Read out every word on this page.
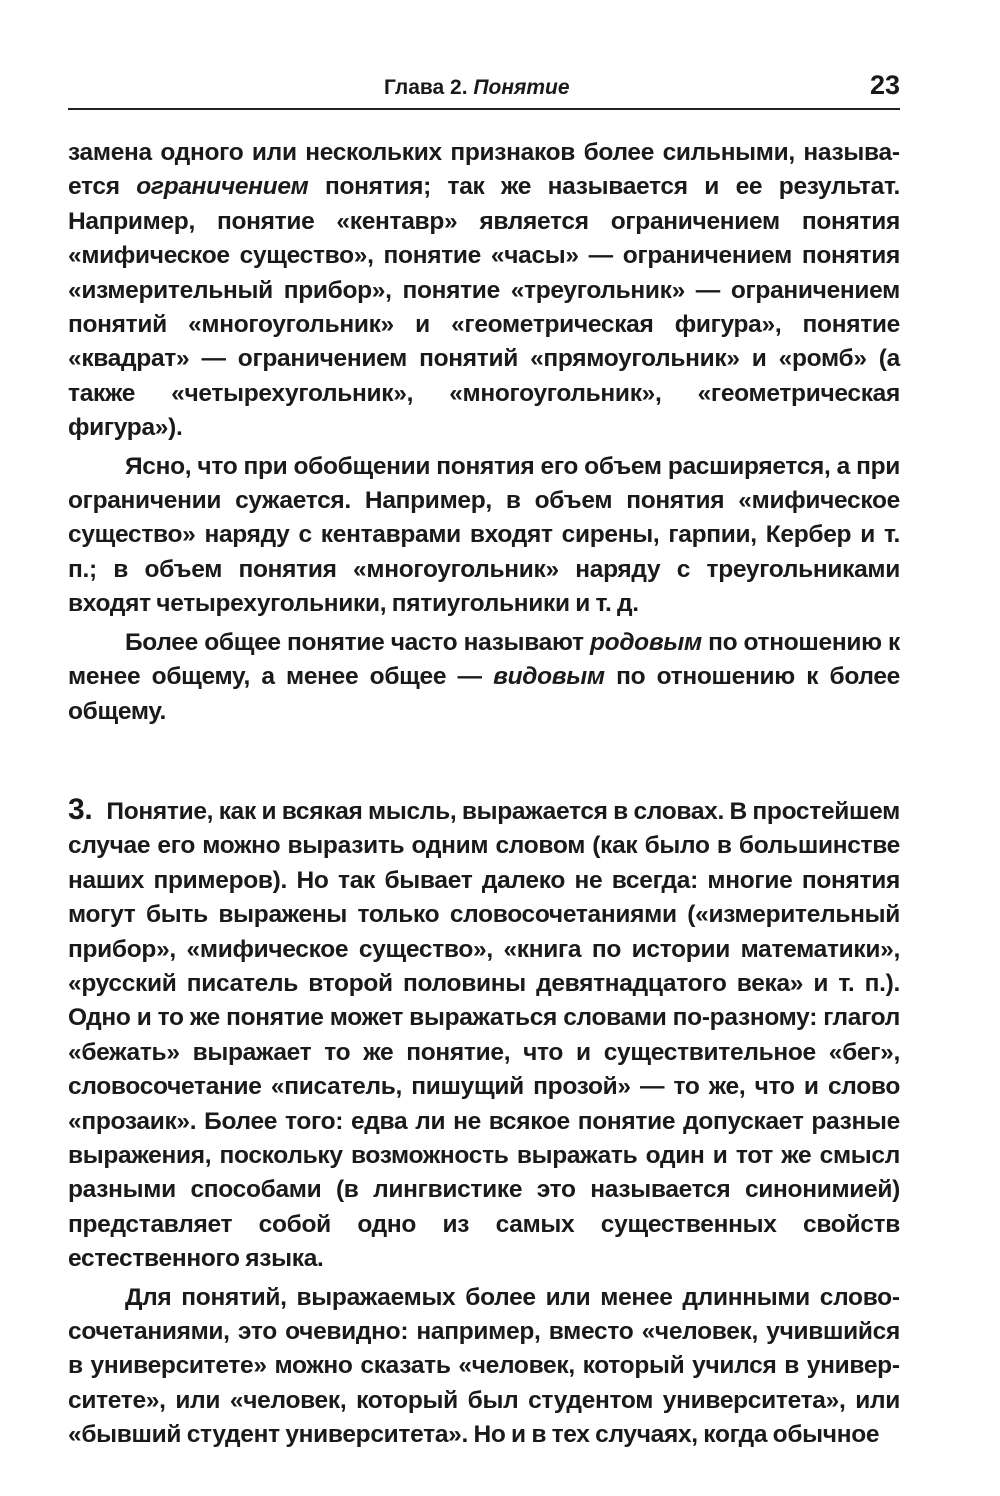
Глава 2. Понятие	23

замена одного или нескольких признаков более сильными, называется ограничением понятия; так же называется и ее результат. Например, понятие «кентавр» является ограничением понятия «мифическое существо», понятие «часы» — ограничением понятия «измерительный прибор», понятие «треугольник» — ограничением понятий «многоугольник» и «геометрическая фигура», понятие «квадрат» — ограничением понятий «прямоугольник» и «ромб» (а также «четырехугольник», «многоугольник», «геометрическая фигура»).

Ясно, что при обобщении понятия его объем расширяется, а при ограничении сужается. Например, в объем понятия «мифическое существо» наряду с кентаврами входят сирены, гарпии, Кербер и т. п.; в объем понятия «многоугольник» наряду с треугольниками входят четырехугольники, пятиугольники и т. д.

Более общее понятие часто называют родовым по отношению к менее общему, а менее общее — видовым по отношению к более общему.

3. Понятие, как и всякая мысль, выражается в словах. В простейшем случае его можно выразить одним словом (как было в большинстве наших примеров). Но так бывает далеко не всегда: многие понятия могут быть выражены только словосочетаниями («измерительный прибор», «мифическое существо», «книга по истории математики», «русский писатель второй половины девятнадцатого века» и т. п.). Одно и то же понятие может выражаться словами по-разному: глагол «бежать» выражает то же понятие, что и существительное «бег», словосочетание «писатель, пишущий прозой» — то же, что и слово «прозаик». Более того: едва ли не всякое понятие допускает разные выражения, поскольку возможность выражать один и тот же смысл разными способами (в лингвистике это называется синонимией) представляет собой одно из самых существенных свойств естественного языка.

Для понятий, выражаемых более или менее длинными словосочетаниями, это очевидно: например, вместо «человек, учившийся в университете» можно сказать «человек, который учился в университете», или «человек, который был студентом университета», или «бывший студент университета». Но и в тех случаях, когда обычное
